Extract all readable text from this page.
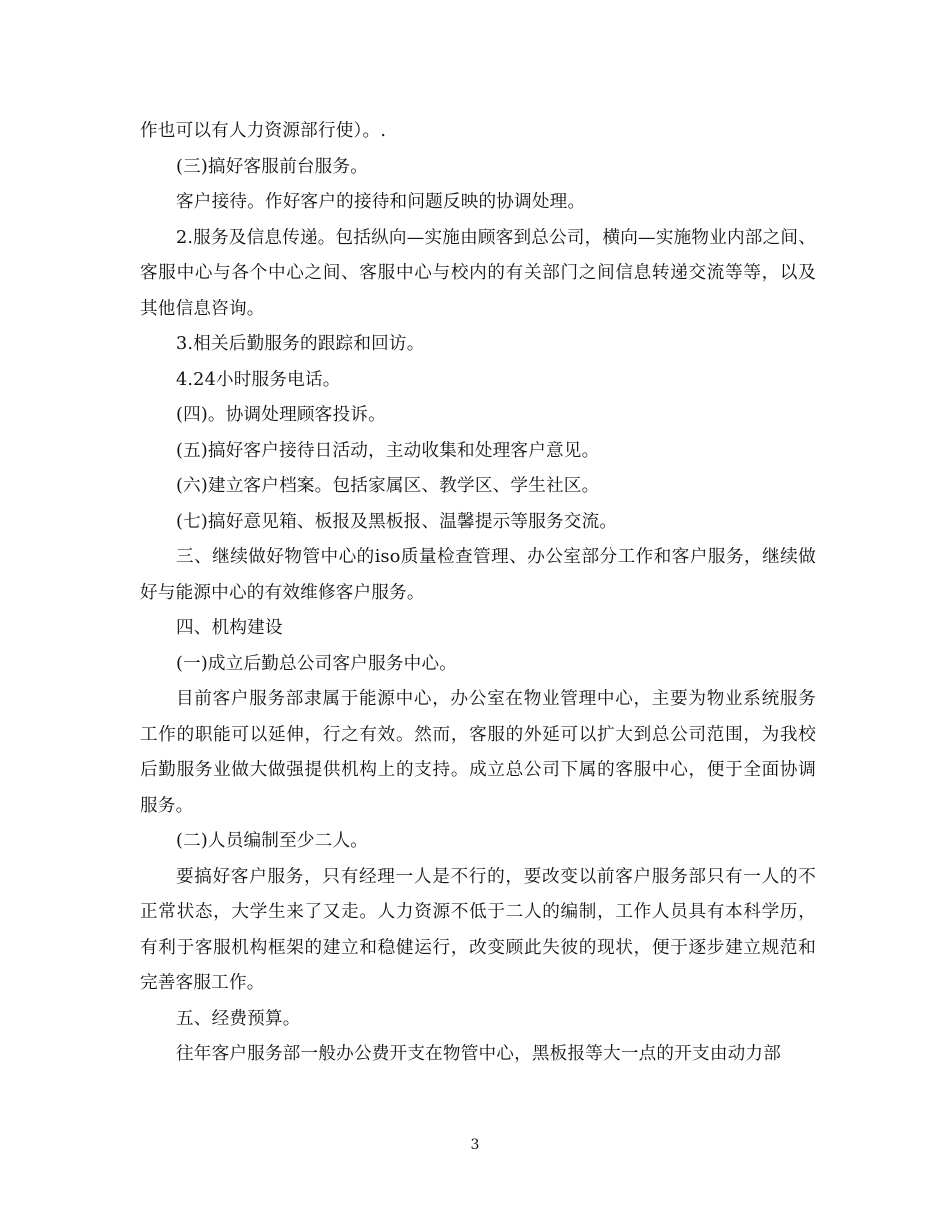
作也可以有人力资源部行使）。.

(三)搞好客服前台服务。

客户接待。作好客户的接待和问题反映的协调处理。

2.服务及信息传递。包括纵向—实施由顾客到总公司，横向—实施物业内部之间、客服中心与各个中心之间、客服中心与校内的有关部门之间信息转递交流等等，以及其他信息咨询。

3.相关后勤服务的跟踪和回访。

4.24小时服务电话。

(四)。协调处理顾客投诉。

(五)搞好客户接待日活动，主动收集和处理客户意见。

(六)建立客户档案。包括家属区、教学区、学生社区。

(七)搞好意见箱、板报及黑板报、温馨提示等服务交流。

三、继续做好物管中心的iso质量检查管理、办公室部分工作和客户服务，继续做好与能源中心的有效维修客户服务。

四、机构建设

(一)成立后勤总公司客户服务中心。

目前客户服务部隶属于能源中心，办公室在物业管理中心，主要为物业系统服务工作的职能可以延伸，行之有效。然而，客服的外延可以扩大到总公司范围，为我校后勤服务业做大做强提供机构上的支持。成立总公司下属的客服中心，便于全面协调服务。

(二)人员编制至少二人。

要搞好客户服务，只有经理一人是不行的，要改变以前客户服务部只有一人的不正常状态，大学生来了又走。人力资源不低于二人的编制，工作人员具有本科学历，有利于客服机构框架的建立和稳健运行，改变顾此失彼的现状，便于逐步建立规范和完善客服工作。

五、经费预算。

往年客户服务部一般办公费开支在物管中心，黑板报等大一点的开支由动力部

3
